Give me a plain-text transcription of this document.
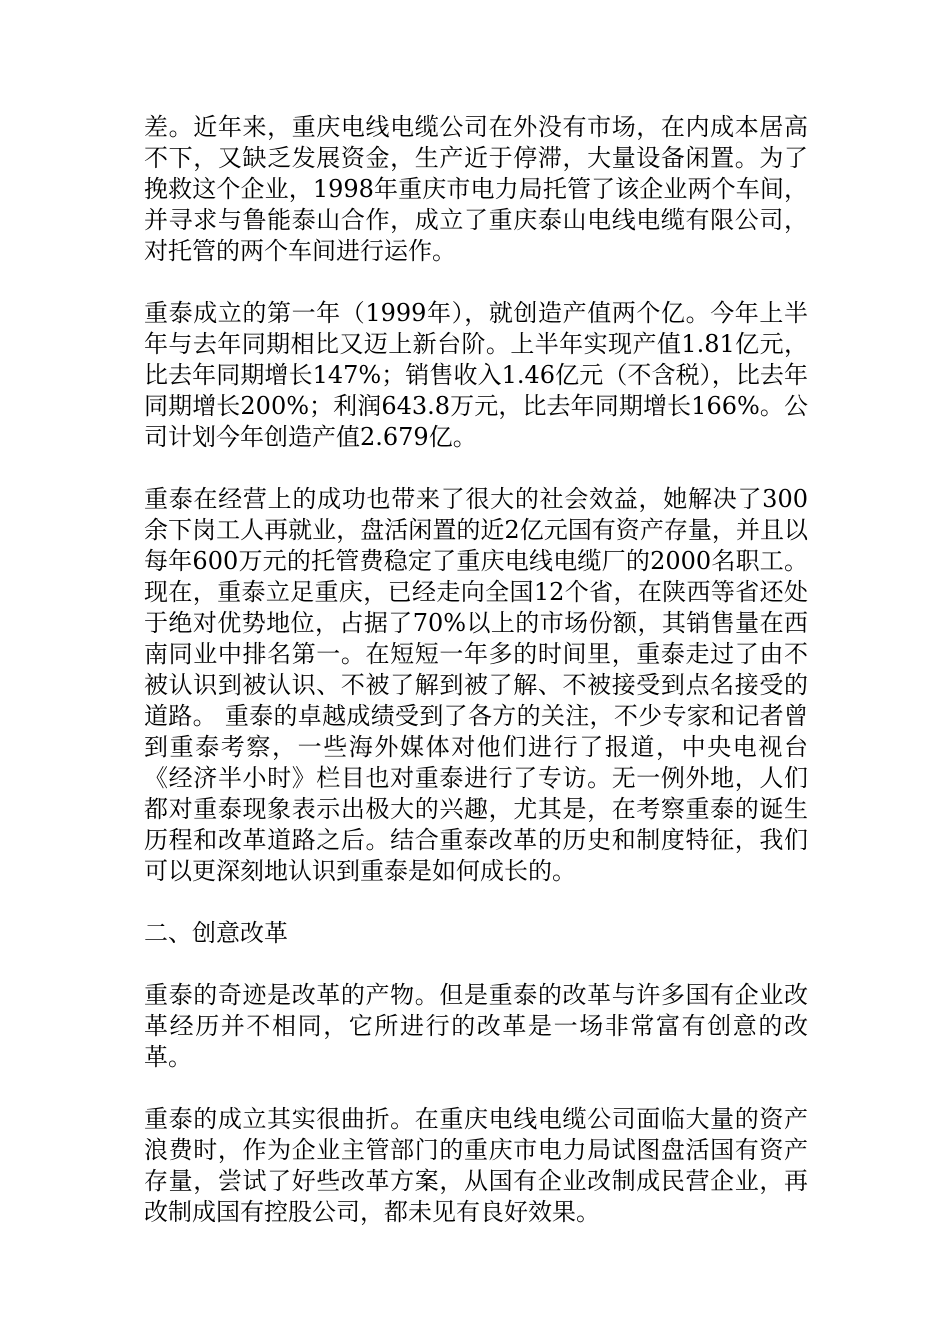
差。近年来，重庆电线电缆公司在外没有市场，在内成本居高不下，又缺乏发展资金，生产近于停滞，大量设备闲置。为了挽救这个企业，1998年重庆市电力局托管了该企业两个车间，并寻求与鲁能泰山合作，成立了重庆泰山电线电缆有限公司，对托管的两个车间进行运作。

重泰成立的第一年（1999年），就创造产值两个亿。今年上半年与去年同期相比又迈上新台阶。上半年实现产值1.81亿元，比去年同期增长147%；销售收入1.46亿元（不含税），比去年同期增长200%；利润643.8万元，比去年同期增长166%。公司计划今年创造产值2.679亿。

重泰在经营上的成功也带来了很大的社会效益，她解决了300余下岗工人再就业，盘活闲置的近2亿元国有资产存量，并且以每年600万元的托管费稳定了重庆电线电缆厂的2000名职工。现在，重泰立足重庆，已经走向全国12个省，在陕西等省还处于绝对优势地位，占据了70%以上的市场份额，其销售量在西南同业中排名第一。在短短一年多的时间里，重泰走过了由不被认识到被认识、不被了解到被了解、不被接受到点名接受的道路。 重泰的卓越成绩受到了各方的关注，不少专家和记者曾到重泰考察，一些海外媒体对他们进行了报道，中央电视台《经济半小时》栏目也对重泰进行了专访。无一例外地，人们都对重泰现象表示出极大的兴趣，尤其是，在考察重泰的诞生历程和改革道路之后。结合重泰改革的历史和制度特征，我们可以更深刻地认识到重泰是如何成长的。

二、创意改革

重泰的奇迹是改革的产物。但是重泰的改革与许多国有企业改革经历并不相同，它所进行的改革是一场非常富有创意的改革。

重泰的成立其实很曲折。在重庆电线电缆公司面临大量的资产浪费时，作为企业主管部门的重庆市电力局试图盘活国有资产存量，尝试了好些改革方案，从国有企业改制成民营企业，再改制成国有控股公司，都未见有良好效果。
